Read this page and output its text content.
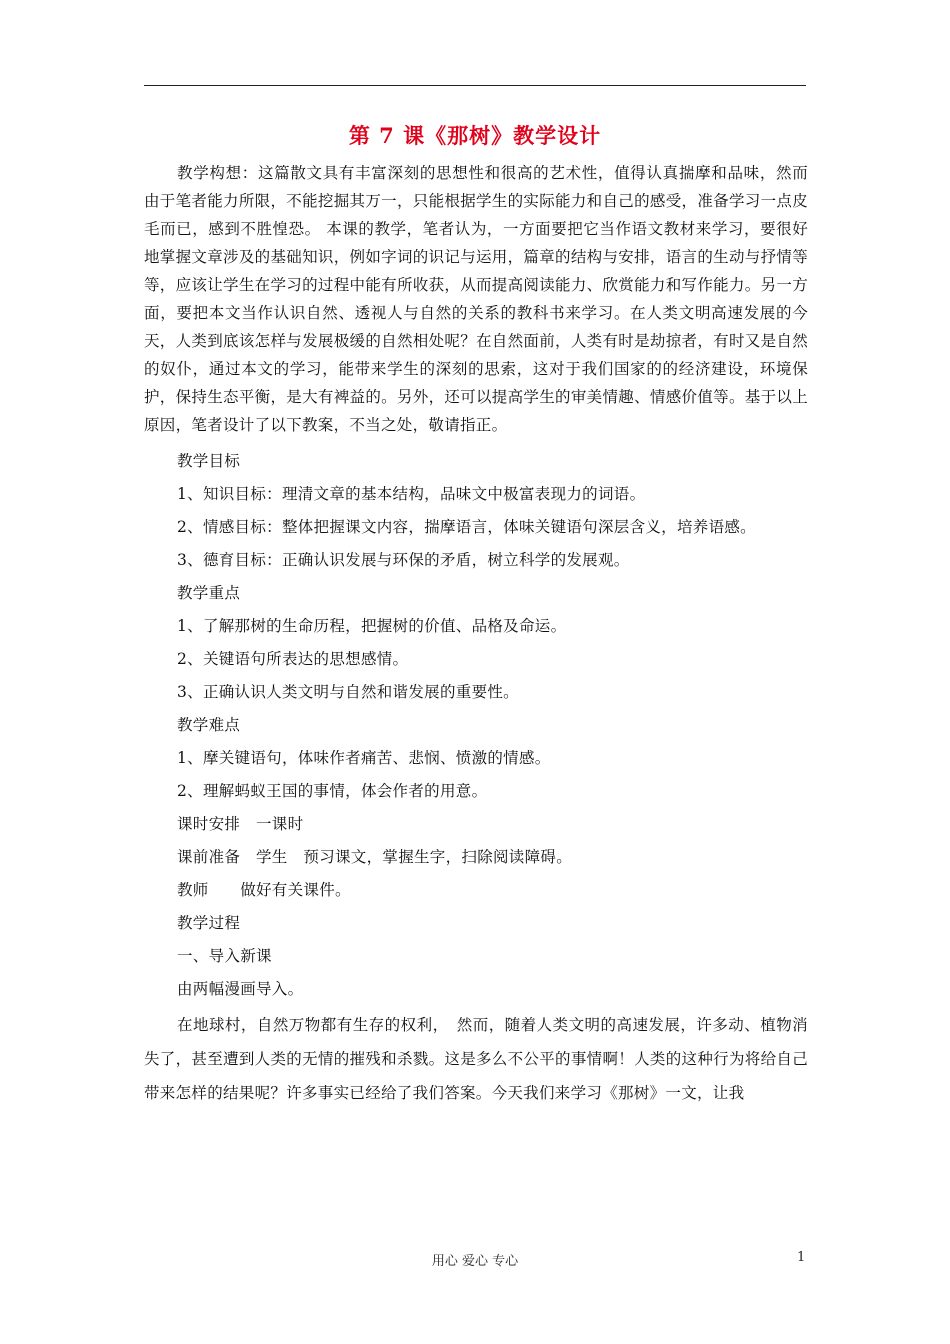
第 7 课《那树》教学设计

教学构想：这篇散文具有丰富深刻的思想性和很高的艺术性，值得认真揣摩和品味，然而由于笔者能力所限，不能挖掘其万一，只能根据学生的实际能力和自己的感受，准备学习一点皮毛而已，感到不胜惶恐。 本课的教学，笔者认为，一方面要把它当作语文教材来学习，要很好地掌握文章涉及的基础知识，例如字词的识记与运用，篇章的结构与安排，语言的生动与抒情等等，应该让学生在学习的过程中能有所收获，从而提高阅读能力、欣赏能力和写作能力。另一方面，要把本文当作认识自然、透视人与自然的关系的教科书来学习。在人类文明高速发展的今天，人类到底该怎样与发展极缓的自然相处呢？在自然面前，人类有时是劫掠者，有时又是自然的奴仆，通过本文的学习，能带来学生的深刻的思索，这对于我们国家的的经济建设，环境保护，保持生态平衡，是大有裨益的。另外，还可以提高学生的审美情趣、情感价值等。基于以上原因，笔者设计了以下教案，不当之处，敬请指正。

教学目标
1、知识目标：理清文章的基本结构，品味文中极富表现力的词语。
2、情感目标：整体把握课文内容，揣摩语言，体味关键语句深层含义，培养语感。
3、德育目标：正确认识发展与环保的矛盾，树立科学的发展观。
教学重点
1、了解那树的生命历程，把握树的价值、品格及命运。
2、关键语句所表达的思想感情。
3、正确认识人类文明与自然和谐发展的重要性。
教学难点
1、摩关键语句，体味作者痛苦、悲悯、愤激的情感。
2、理解蚂蚁王国的事情，体会作者的用意。
课时安排　一课时
课前准备　学生　预习课文，掌握生字，扫除阅读障碍。
教师　　做好有关课件。
教学过程
一、导入新课
由两幅漫画导入。

在地球村，自然万物都有生存的权利，　然而，随着人类文明的高速发展，许多动、植物消失了，甚至遭到人类的无情的摧残和杀戮。这是多么不公平的事情啊！人类的这种行为将给自己带来怎样的结果呢？许多事实已经给了我们答案。今天我们来学习《那树》一文，让我

用心 爱心 专心	1
